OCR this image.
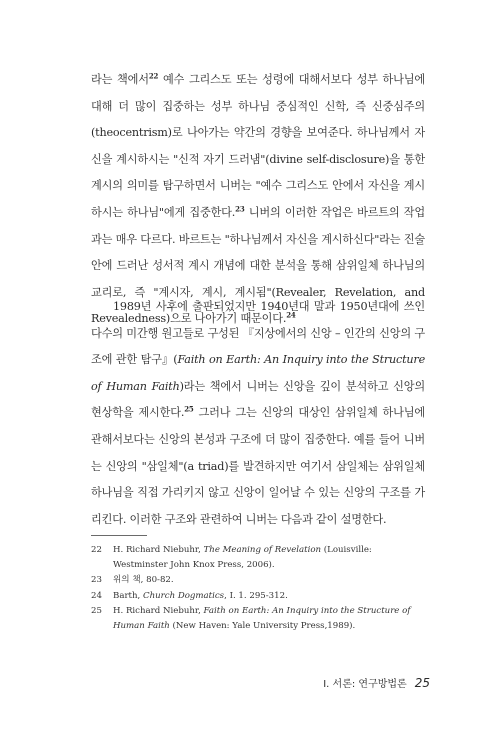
라는 책에서$^{22}$ 예수 그리스도 또는 성령에 대해서보다 성부 하나님에 대해 더 많이 집중하는 성부 하나님 중심적인 신학, 즉 신중심주의(theocentrism)로 나아가는 약간의 경향을 보여준다. 하나님께서 자신을 계시하시는 "신적 자기 드러냄"(divine self-disclosure)을 통한 계시의 의미를 탐구하면서 니버는 "예수 그리스도 안에서 자신을 계시하시는 하나님"에게 집중한다.$^{23}$ 니버의 이러한 작업은 바르트의 작업과는 매우 다르다. 바르트는 "하나님께서 자신을 계시하신다"라는 진술 안에 드러난 성서적 계시 개념에 대한 분석을 통해 삼위일체 하나님의 교리로, 즉 "계시자, 계시, 계시됨"(Revealer, Revelation, and Revealedness)으로 나아가기 때문이다.$^{24}$

1989년 사후에 출판되었지만 1940년대 말과 1950년대에 쓰인 다수의 미간행 원고들로 구성된 『지상에서의 신앙 – 인간의 신앙의 구조에 관한 탐구』(Faith on Earth: An Inquiry into the Structure of Human Faith)라는 책에서 니버는 신앙을 깊이 분석하고 신앙의 현상학을 제시한다.$^{25}$ 그러나 그는 신앙의 대상인 삼위일체 하나님에 관해서보다는 신앙의 본성과 구조에 더 많이 집중한다. 예를 들어 니버는 신앙의 "삼일체"(a triad)를 발견하지만 여기서 삼일체는 삼위일체 하나님을 직접 가리키지 않고 신앙이 일어날 수 있는 신앙의 구조를 가리킨다. 이러한 구조와 관련하여 니버는 다음과 같이 설명한다.

22	H. Richard Niebuhr, The Meaning of Revelation (Louisville: Westminster John Knox Press, 2006).
23	위의 책, 80-82.
24	Barth, Church Dogmatics, I. 1. 295-312.
25	H. Richard Niebuhr, Faith on Earth: An Inquiry into the Structure of Human Faith (New Haven: Yale University Press,1989).
I. 서론: 연구방법론 25
